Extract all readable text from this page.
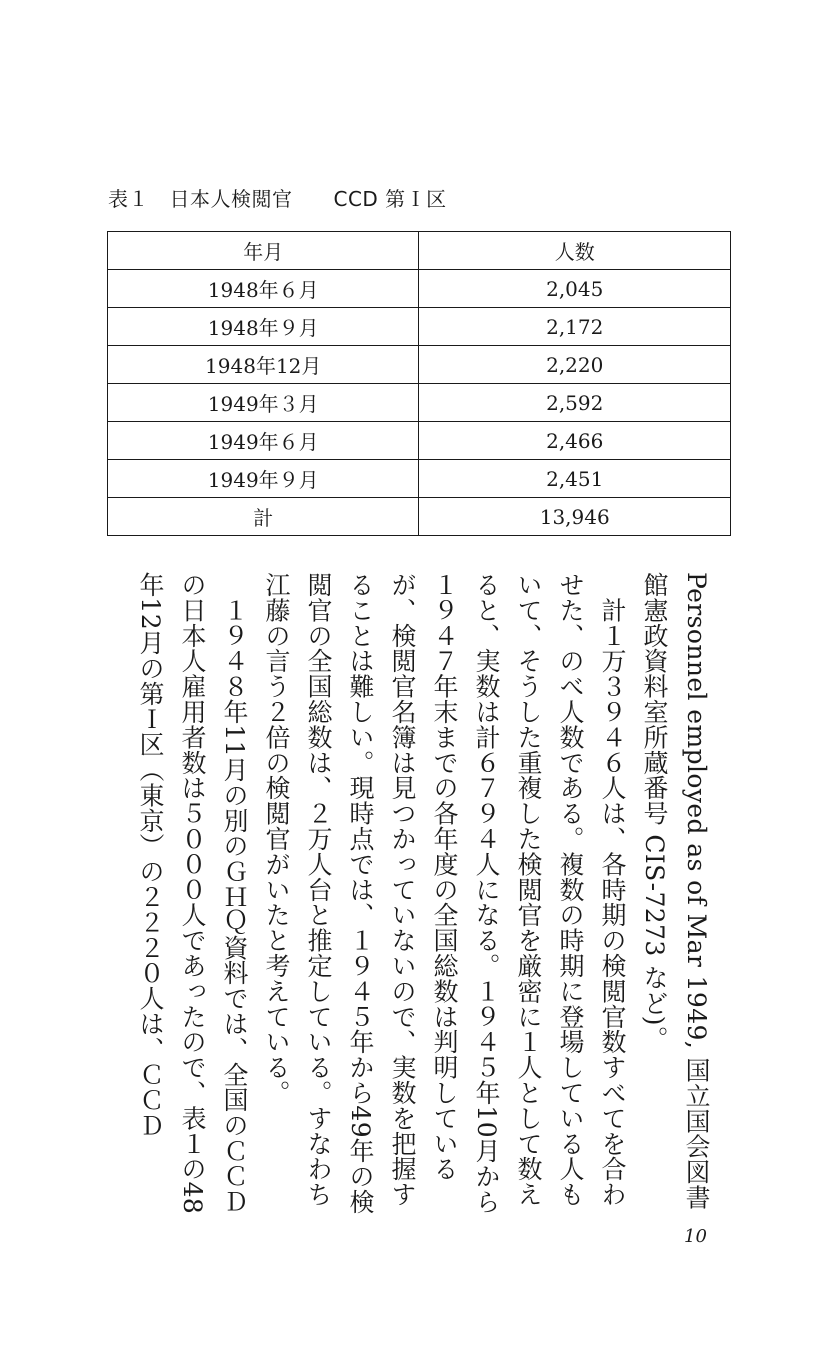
表１　日本人検閲官　　CCD 第Ｉ区
年月	人数
1948年６月	2,045
1948年９月	2,172
1948年12月	2,220
1949年３月	2,592
1949年６月	2,466
1949年９月	2,451
計	13,946

Personnel employed as of Mar 1949, 国立国会図書館憲政資料室所蔵番号 CIS-7273 など)。

　計１万３９４６人は、各時期の検閲官数すべてを合わせた、のべ人数である。複数の時期に登場している人もいて、そうした重複した検閲官を厳密に１人として数えると、実数は計６７９４人になる。１９４５年10月から１９４７年末までの各年度の全国総数は判明しているが、検閲官名簿は見つかっていないので、実数を把握することは難しい。現時点では、１９４５年から49年の検閲官の全国総数は、２万人台と推定している。すなわち江藤の言う２倍の検閲官がいたと考えている。

　１９４８年11月の別のＧＨＱ資料では、全国のＣＣＤの日本人雇用者数は５０００人であったので、表１の48年12月の第Ｉ区（東京）の２２２０人は、ＣＣＤ

10
